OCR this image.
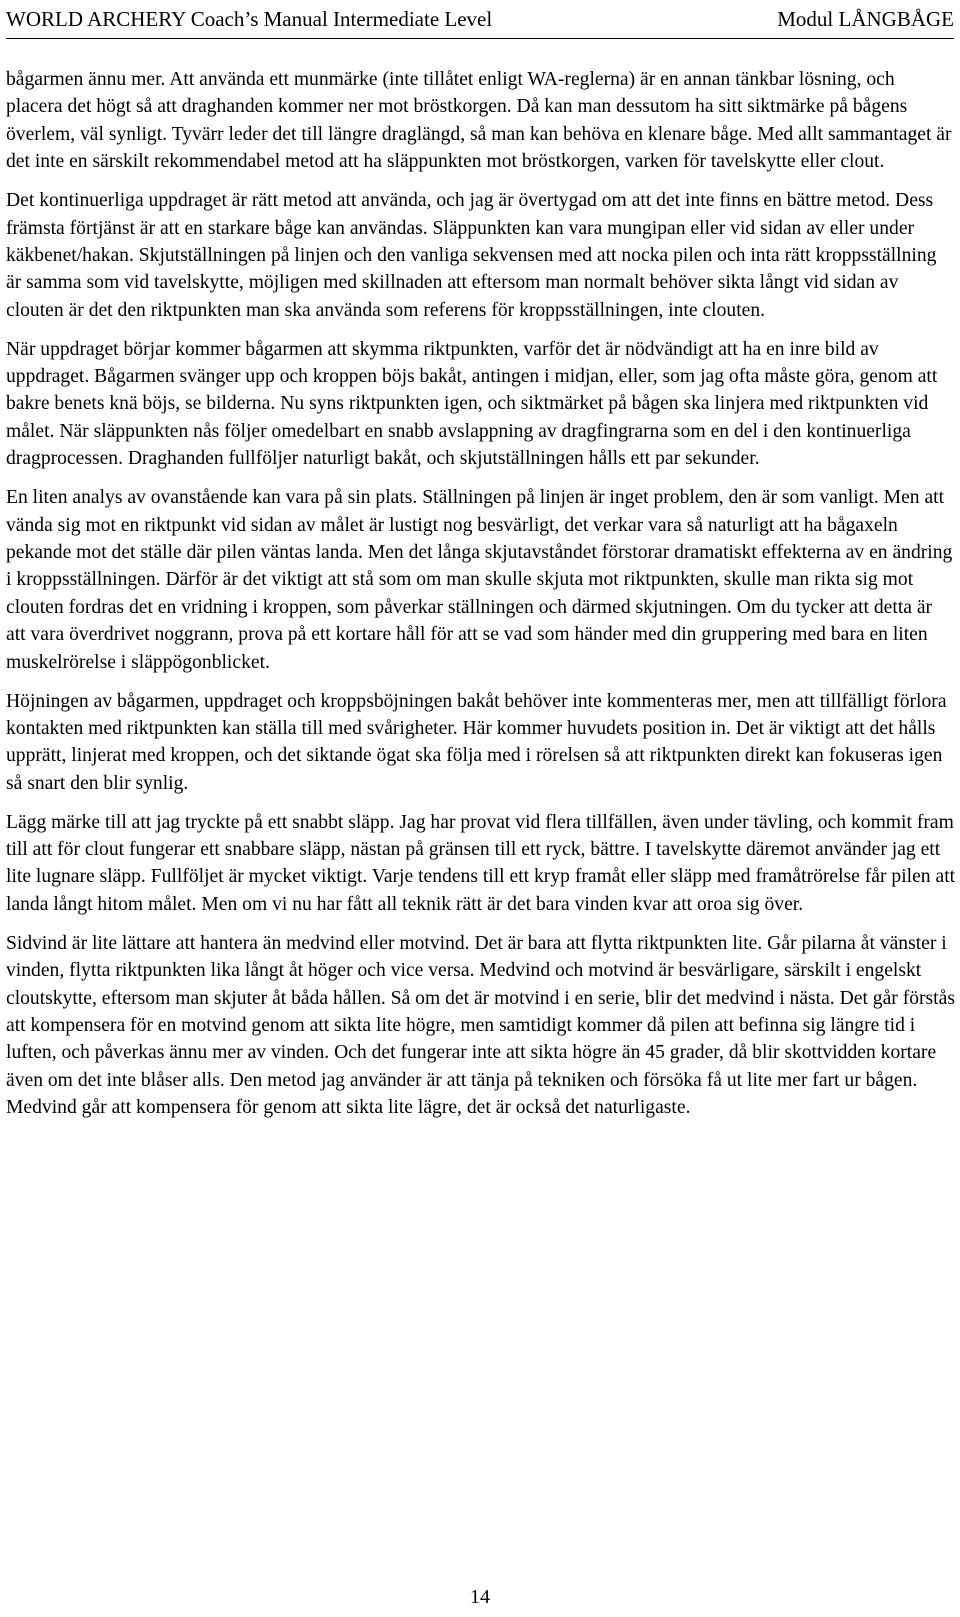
WORLD ARCHERY Coach’s Manual Intermediate Level	Modul LÅNGBÅGE

bågarmen ännu mer. Att använda ett munmärke (inte tillåtet enligt WA-reglerna) är en annan tänkbar lösning, och placera det högt så att draghanden kommer ner mot bröstkorgen. Då kan man dessutom ha sitt siktmärke på bågens överlem, väl synligt. Tyvärr leder det till längre draglängd, så man kan behöva en klenare båge. Med allt sammantaget är det inte en särskilt rekommendabel metod att ha släppunkten mot bröstkorgen, varken för tavelskytte eller clout.

Det kontinuerliga uppdraget är rätt metod att använda, och jag är övertygad om att det inte finns en bättre metod. Dess främsta förtjänst är att en starkare båge kan användas. Släppunkten kan vara mungipan eller vid sidan av eller under käkbenet/hakan. Skjutställningen på linjen och den vanliga sekvensen med att nocka pilen och inta rätt kroppsställning är samma som vid tavelskytte, möjligen med skillnaden att eftersom man normalt behöver sikta långt vid sidan av clouten är det den riktpunkten man ska använda som referens för kroppsställningen, inte clouten.

När uppdraget börjar kommer bågarmen att skymma riktpunkten, varför det är nödvändigt att ha en inre bild av uppdraget. Bågarmen svänger upp och kroppen böjs bakåt, antingen i midjan, eller, som jag ofta måste göra, genom att bakre benets knä böjs, se bilderna. Nu syns riktpunkten igen, och siktmärket på bågen ska linjera med riktpunkten vid målet. När släppunkten nås följer omedelbart en snabb avslappning av dragfingrarna som en del i den kontinuerliga dragprocessen. Draghanden fullföljer naturligt bakåt, och skjutställningen hålls ett par sekunder.

En liten analys av ovanstående kan vara på sin plats. Ställningen på linjen är inget problem, den är som vanligt. Men att vända sig mot en riktpunkt vid sidan av målet är lustigt nog besvärligt, det verkar vara så naturligt att ha bågaxeln pekande mot det ställe där pilen väntas landa. Men det långa skjutavståndet förstorar dramatiskt effekterna av en ändring i kroppsställningen. Därför är det viktigt att stå som om man skulle skjuta mot riktpunkten, skulle man rikta sig mot clouten fordras det en vridning i kroppen, som påverkar ställningen och därmed skjutningen. Om du tycker att detta är att vara överdrivet noggrann, prova på ett kortare håll för att se vad som händer med din gruppering med bara en liten muskelrörelse i släppögonblicket.

Höjningen av bågarmen, uppdraget och kroppsböjningen bakåt behöver inte kommenteras mer, men att tillfälligt förlora kontakten med riktpunkten kan ställa till med svårigheter. Här kommer huvudets position in. Det är viktigt att det hålls upprätt, linjerat med kroppen, och det siktande ögat ska följa med i rörelsen så att riktpunkten direkt kan fokuseras igen så snart den blir synlig.

Lägg märke till att jag tryckte på ett snabbt släpp. Jag har provat vid flera tillfällen, även under tävling, och kommit fram till att för clout fungerar ett snabbare släpp, nästan på gränsen till ett ryck, bättre. I tavelskytte däremot använder jag ett lite lugnare släpp. Fullföljet är mycket viktigt. Varje tendens till ett kryp framåt eller släpp med framåtrörelse får pilen att landa långt hitom målet. Men om vi nu har fått all teknik rätt är det bara vinden kvar att oroa sig över.

Sidvind är lite lättare att hantera än medvind eller motvind. Det är bara att flytta riktpunkten lite. Går pilarna åt vänster i vinden, flytta riktpunkten lika långt åt höger och vice versa. Medvind och motvind är besvärligare, särskilt i engelskt cloutskytte, eftersom man skjuter åt båda hållen. Så om det är motvind i en serie, blir det medvind i nästa. Det går förstås att kompensera för en motvind genom att sikta lite högre, men samtidigt kommer då pilen att befinna sig längre tid i luften, och påverkas ännu mer av vinden. Och det fungerar inte att sikta högre än 45 grader, då blir skottvidden kortare även om det inte blåser alls. Den metod jag använder är att tänja på tekniken och försöka få ut lite mer fart ur bågen. Medvind går att kompensera för genom att sikta lite lägre, det är också det naturligaste.

14
